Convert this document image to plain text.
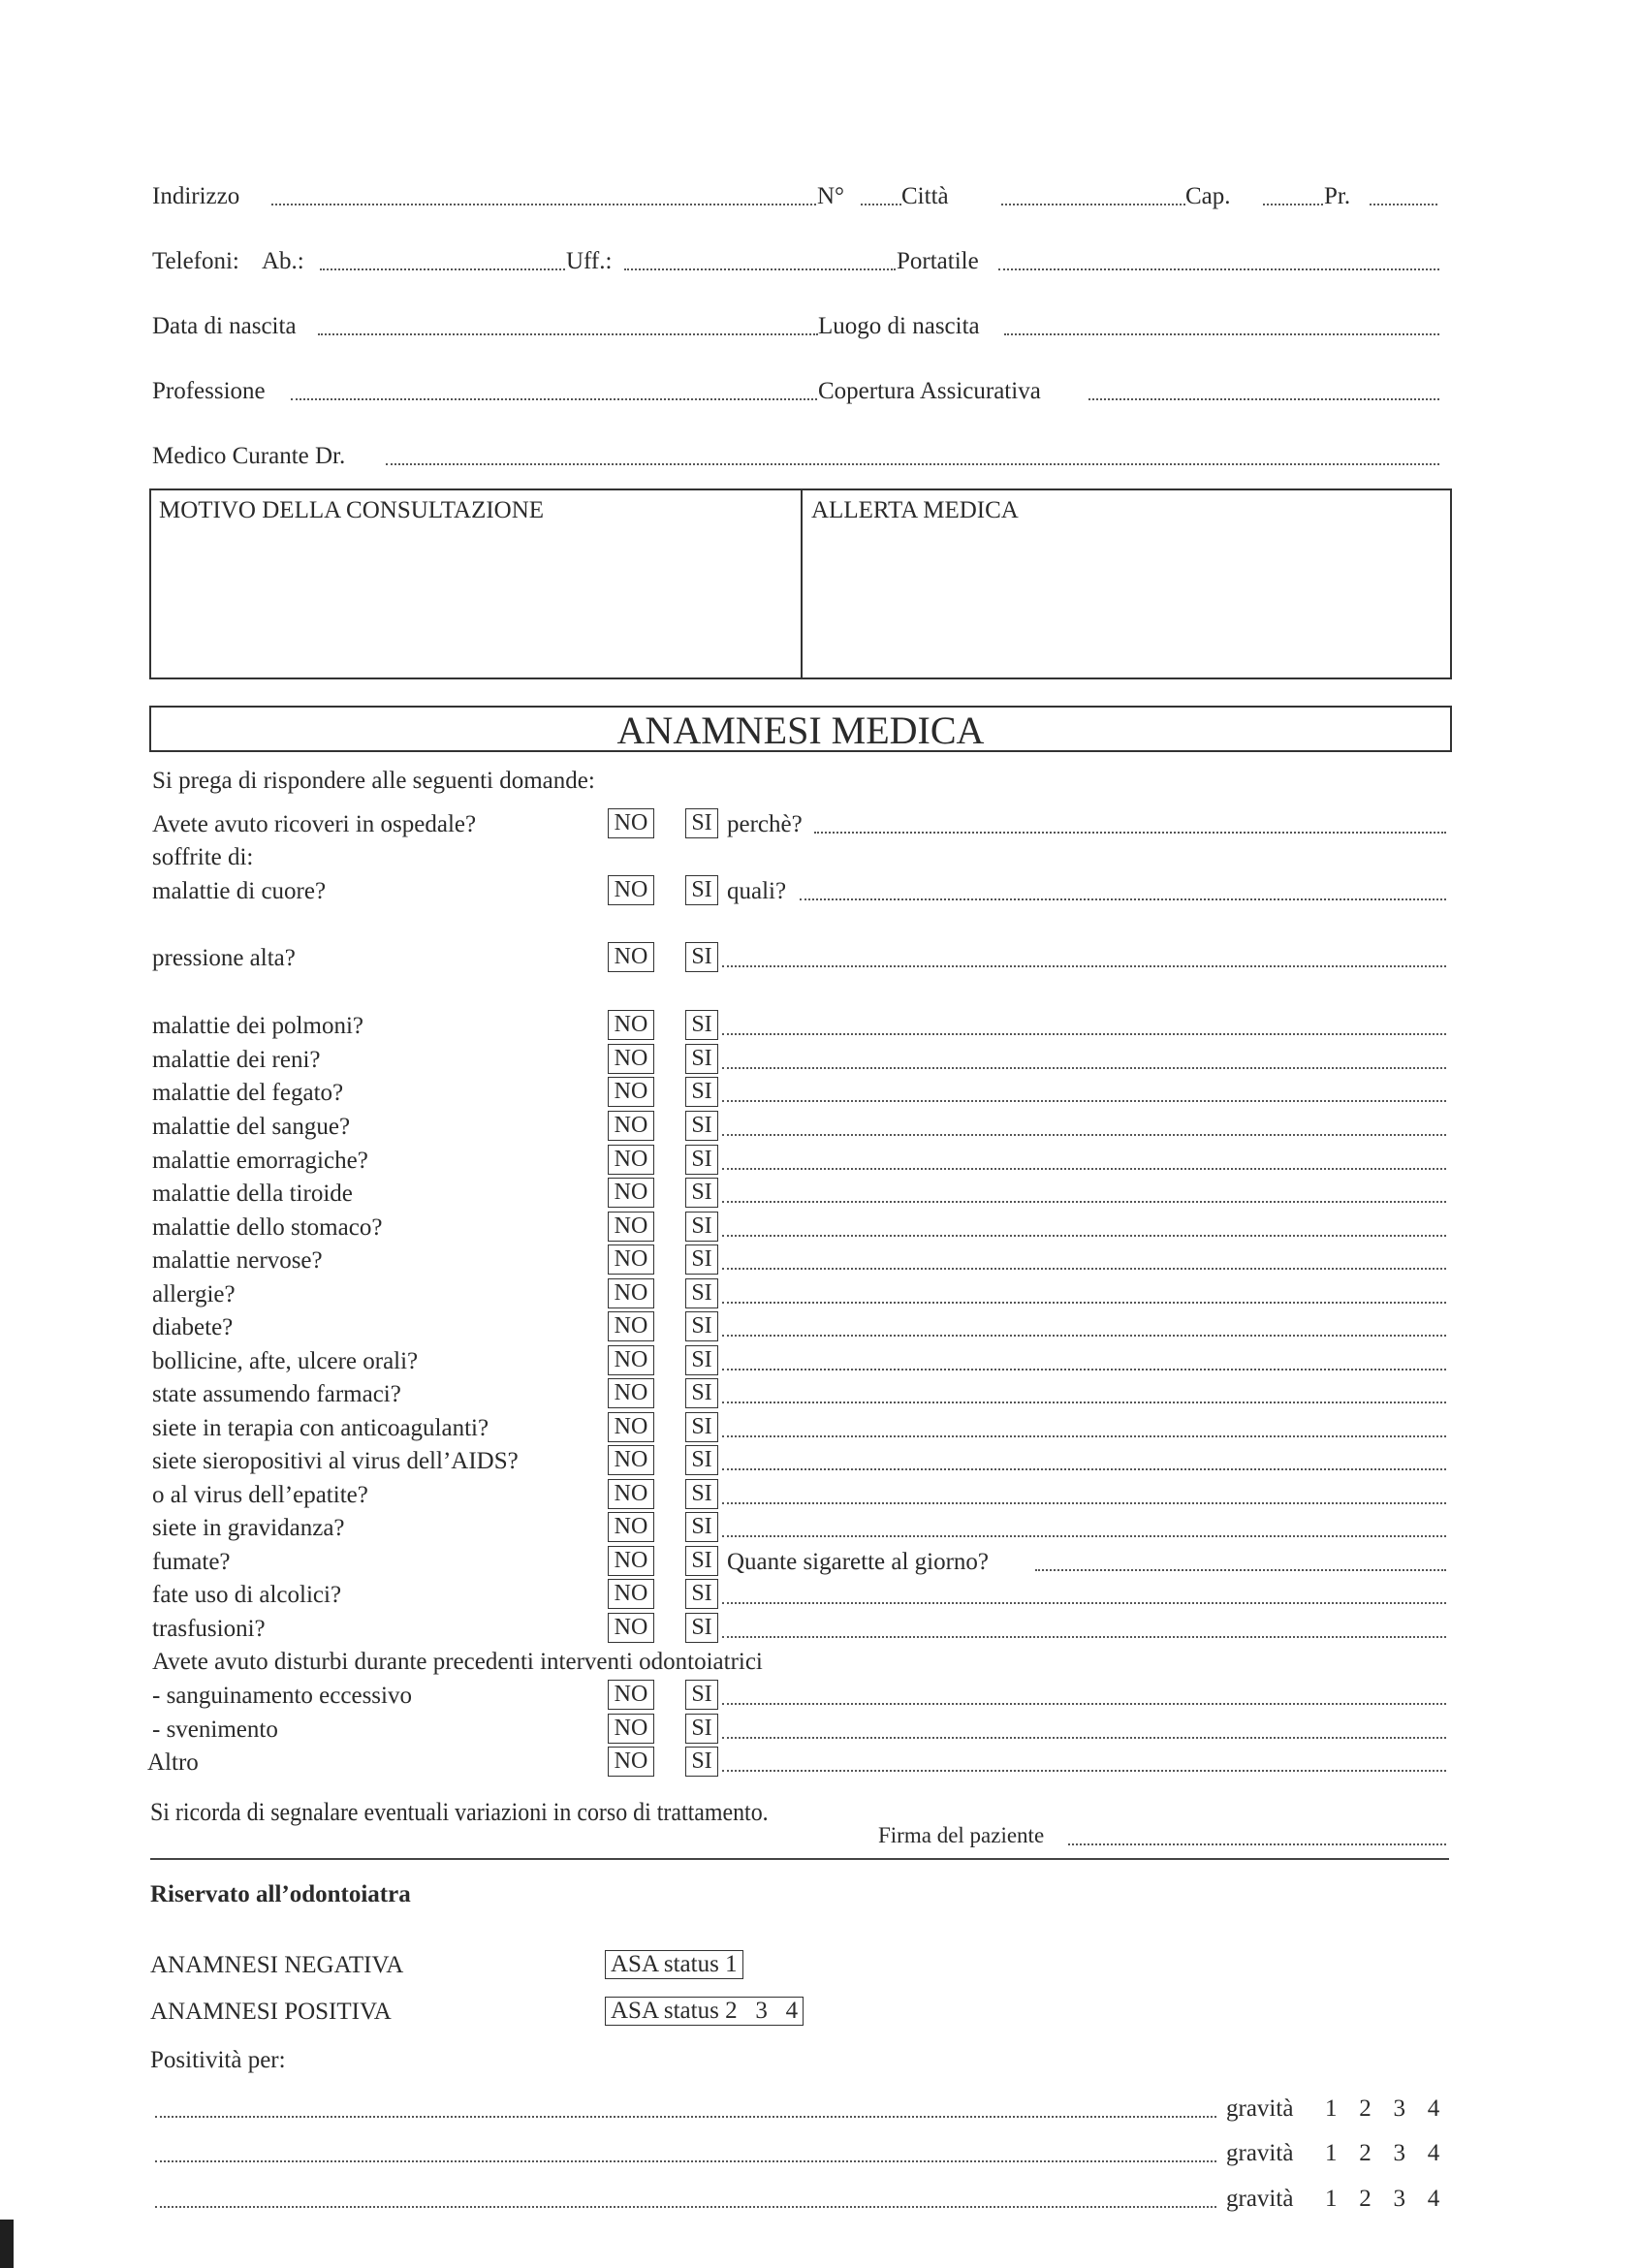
Indirizzo	N° Città	Cap.	Pr.
Telefoni: Ab.:	Uff.:	Portatile
Data di nascita	Luogo di nascita
Professione	Copertura Assicurativa
Medico Curante Dr.
MOTIVO DELLA CONSULTAZIONE	ALLERTA MEDICA
ANAMNESI MEDICA
Si prega di rispondere alle seguenti domande:
Avete avuto ricoveri in ospedale?	NO SI perchè?
soffrite di:
malattie di cuore?	NO SI quali?
pressione alta?	NO SI
malattie dei polmoni?	NO SI
malattie dei reni?	NO SI
malattie del fegato?	NO SI
malattie del sangue?	NO SI
malattie emorragiche?	NO SI
malattie della tiroide	NO SI
malattie dello stomaco?	NO SI
malattie nervose?	NO SI
allergie?	NO SI
diabete?	NO SI
bollicine, afte, ulcere orali?	NO SI
state assumendo farmaci?	NO SI
siete in terapia con anticoagulanti?	NO SI
siete sieropositivi al virus dell’AIDS?	NO SI
o al virus dell’epatite?	NO SI
siete in gravidanza?	NO SI
fumate?	NO SI Quante sigarette al giorno?
fate uso di alcolici?	NO SI
trasfusioni?	NO SI
Avete avuto disturbi durante precedenti interventi odontoiatrici
- sanguinamento eccessivo	NO SI
- svenimento	NO SI
Altro	NO SI
Si ricorda di segnalare eventuali variazioni in corso di trattamento.
Firma del paziente
Riservato all’odontoiatra
ANAMNESI NEGATIVA	ASA status 1
ANAMNESI POSITIVA	ASA status 2   3   4
Positività per:
gravità 1   2   3   4
gravità 1   2   3   4
gravità 1   2   3   4
